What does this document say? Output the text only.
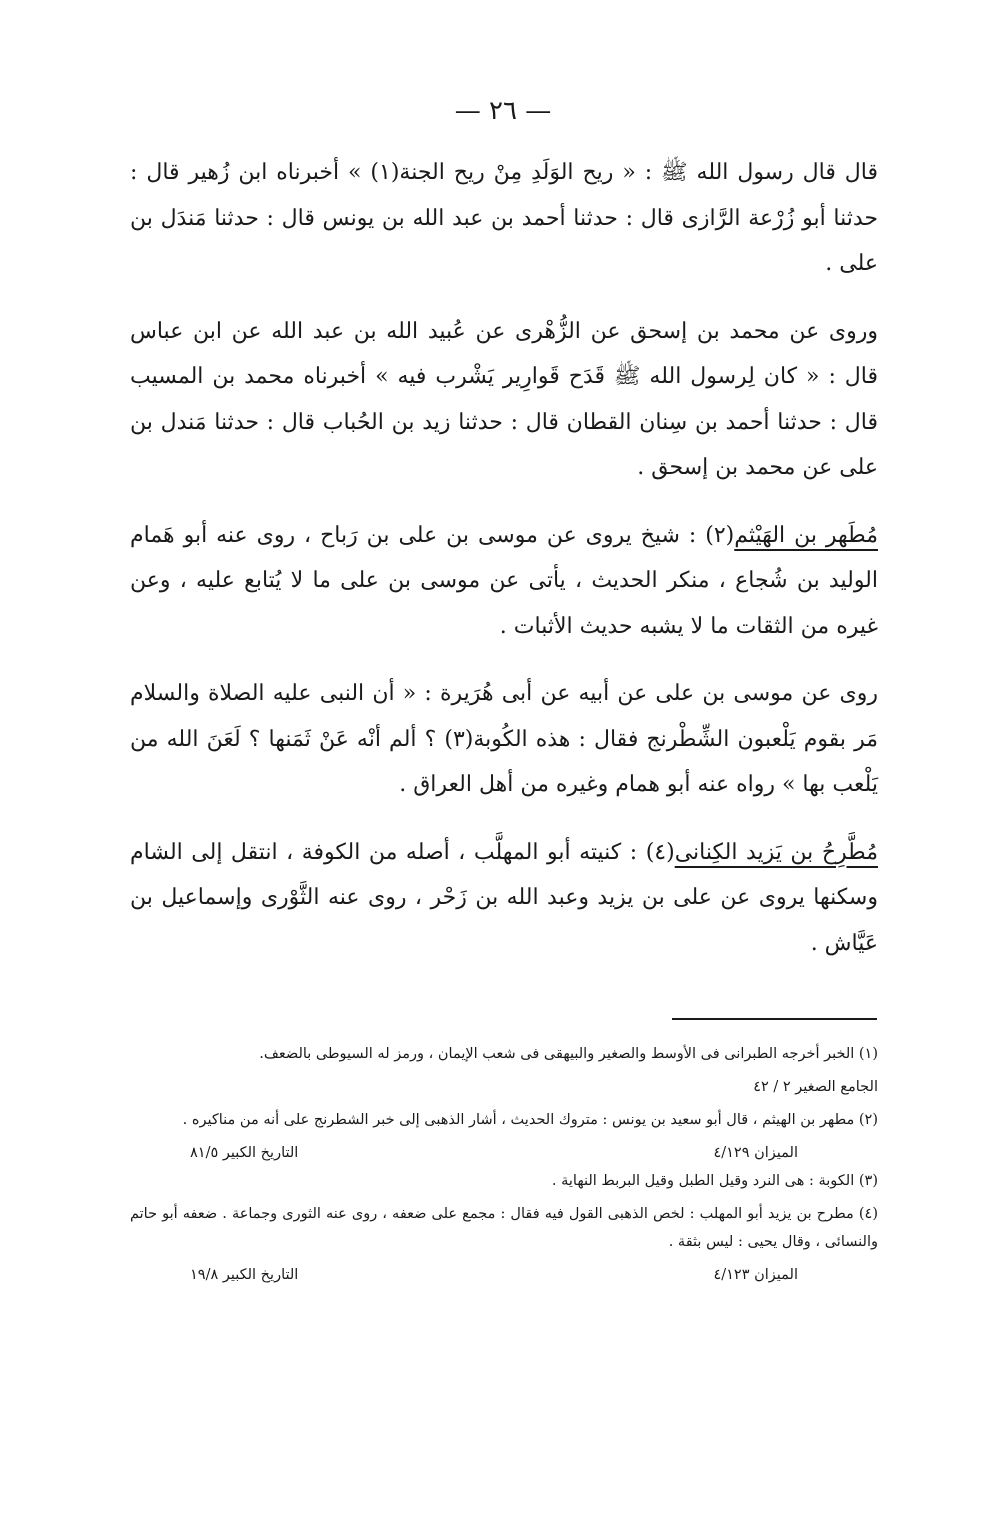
— ٢٦ —

قال قال رسول الله ﷺ : « ريح الوَلَدِ مِنْ ريح الجنة(١) » أخبرناه ابن زُهير قال : حدثنا أبو زُرْعة الرَّازى قال : حدثنا أحمد بن عبد الله بن يونس قال : حدثنا مَندَل بن على .

وروى عن محمد بن إسحق عن الزُّهْرى عن عُبيد الله بن عبد الله عن ابن عباس قال : « كان لِرسول الله ﷺ قَدَح قَوارِير يَشْرب فيه » أخبرناه محمد بن المسيب قال : حدثنا أحمد بن سِنان القطان قال : حدثنا زيد بن الحُباب قال : حدثنا مَندل بن على عن محمد بن إسحق .

مُطَهر بن الهَيْثم(٢) : شيخ يروى عن موسى بن على بن رَباح ، روى عنه أبو هَمام الوليد بن شُجاع ، منكر الحديث ، يأتى عن موسى بن على ما لا يُتابع عليه ، وعن غيره من الثقات ما لا يشبه حديث الأثبات .

روى عن موسى بن على عن أبيه عن أبى هُرَيرة : « أن النبى عليه الصلاة والسلام مَر بقوم يَلْعبون الشِّطْرنج فقال : هذه الكُوبة(٣) ؟ ألم أنْه عَنْ ثَمَنها ؟ لَعَنَ الله من يَلْعب بها » رواه عنه أبو همام وغيره من أهل العراق .

مُطَّرِحُ بن يَزيد الكِنانى(٤) : كنيته أبو المهلَّب ، أصله من الكوفة ، انتقل إلى الشام وسكنها يروى عن على بن يزيد وعبد الله بن زَحْر ، روى عنه الثَّوْرى وإسماعيل بن عَيَّاش .

(١) الخبر أخرجه الطبرانى فى الأوسط والصغير والبيهقى فى شعب الإيمان ، ورمز له السيوطى بالضعف.

الجامع الصغير ٢ / ٤٢

(٢) مطهر بن الهيثم ، قال أبو سعيد بن يونس : متروك الحديث ، أشار الذهبى إلى خبر الشطرنج على أنه من مناكيره .

الميزان ٤/١٢٩
التاريخ الكبير ٨١/٥

(٣) الكوبة : هى النرد وقيل الطبل وقيل البربط النهاية .

(٤) مطرح بن يزيد أبو المهلب : لخص الذهبى القول فيه فقال : مجمع على ضعفه ، روى عنه الثورى وجماعة . ضعفه أبو حاتم والنسائى ، وقال يحيى : ليس بثقة .

الميزان ٤/١٢٣
التاريخ الكبير ١٩/٨
